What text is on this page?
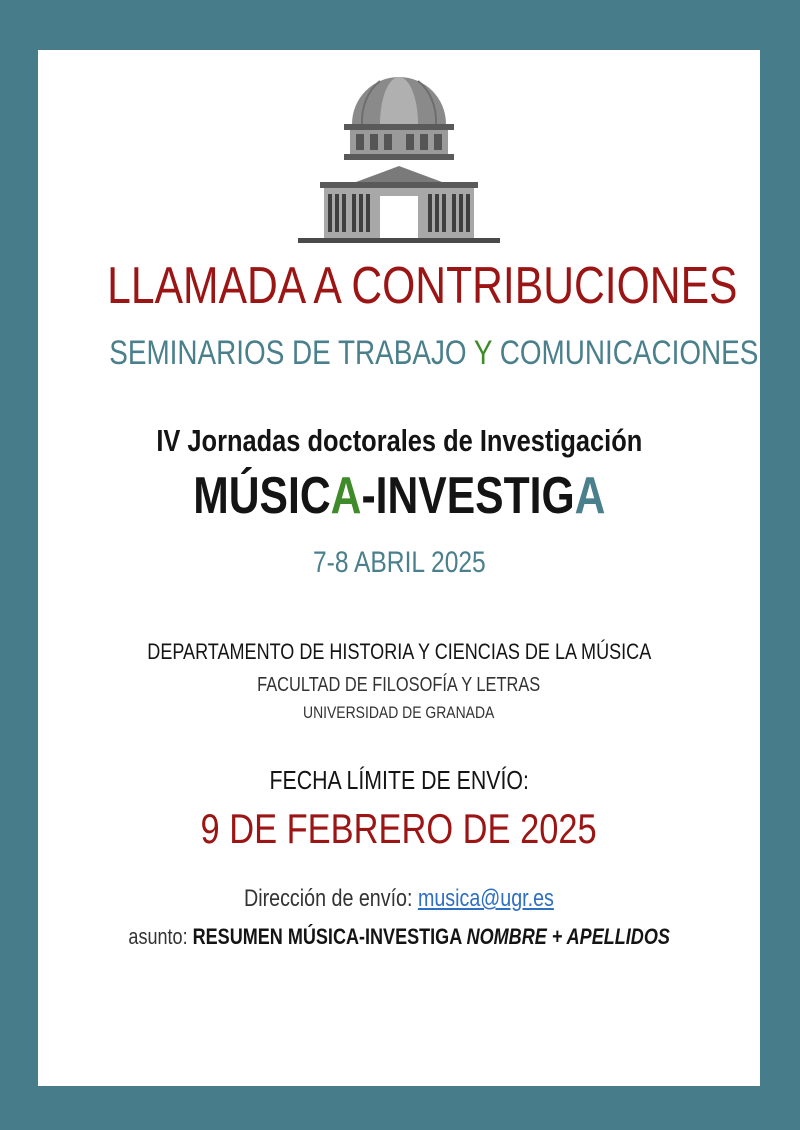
LLAMADA A CONTRIBUCIONES
SEMINARIOS DE TRABAJO Y COMUNICACIONES
IV Jornadas doctorales de Investigación
MÚSICA-INVESTIGA
7-8 ABRIL 2025
DEPARTAMENTO DE HISTORIA Y CIENCIAS DE LA MÚSICA
FACULTAD DE FILOSOFÍA Y LETRAS
UNIVERSIDAD DE GRANADA
FECHA LÍMITE DE ENVÍO:
9 DE FEBRERO DE 2025
Dirección de envío: musica@ugr.es
asunto: RESUMEN MÚSICA-INVESTIGA NOMBRE + APELLIDOS
